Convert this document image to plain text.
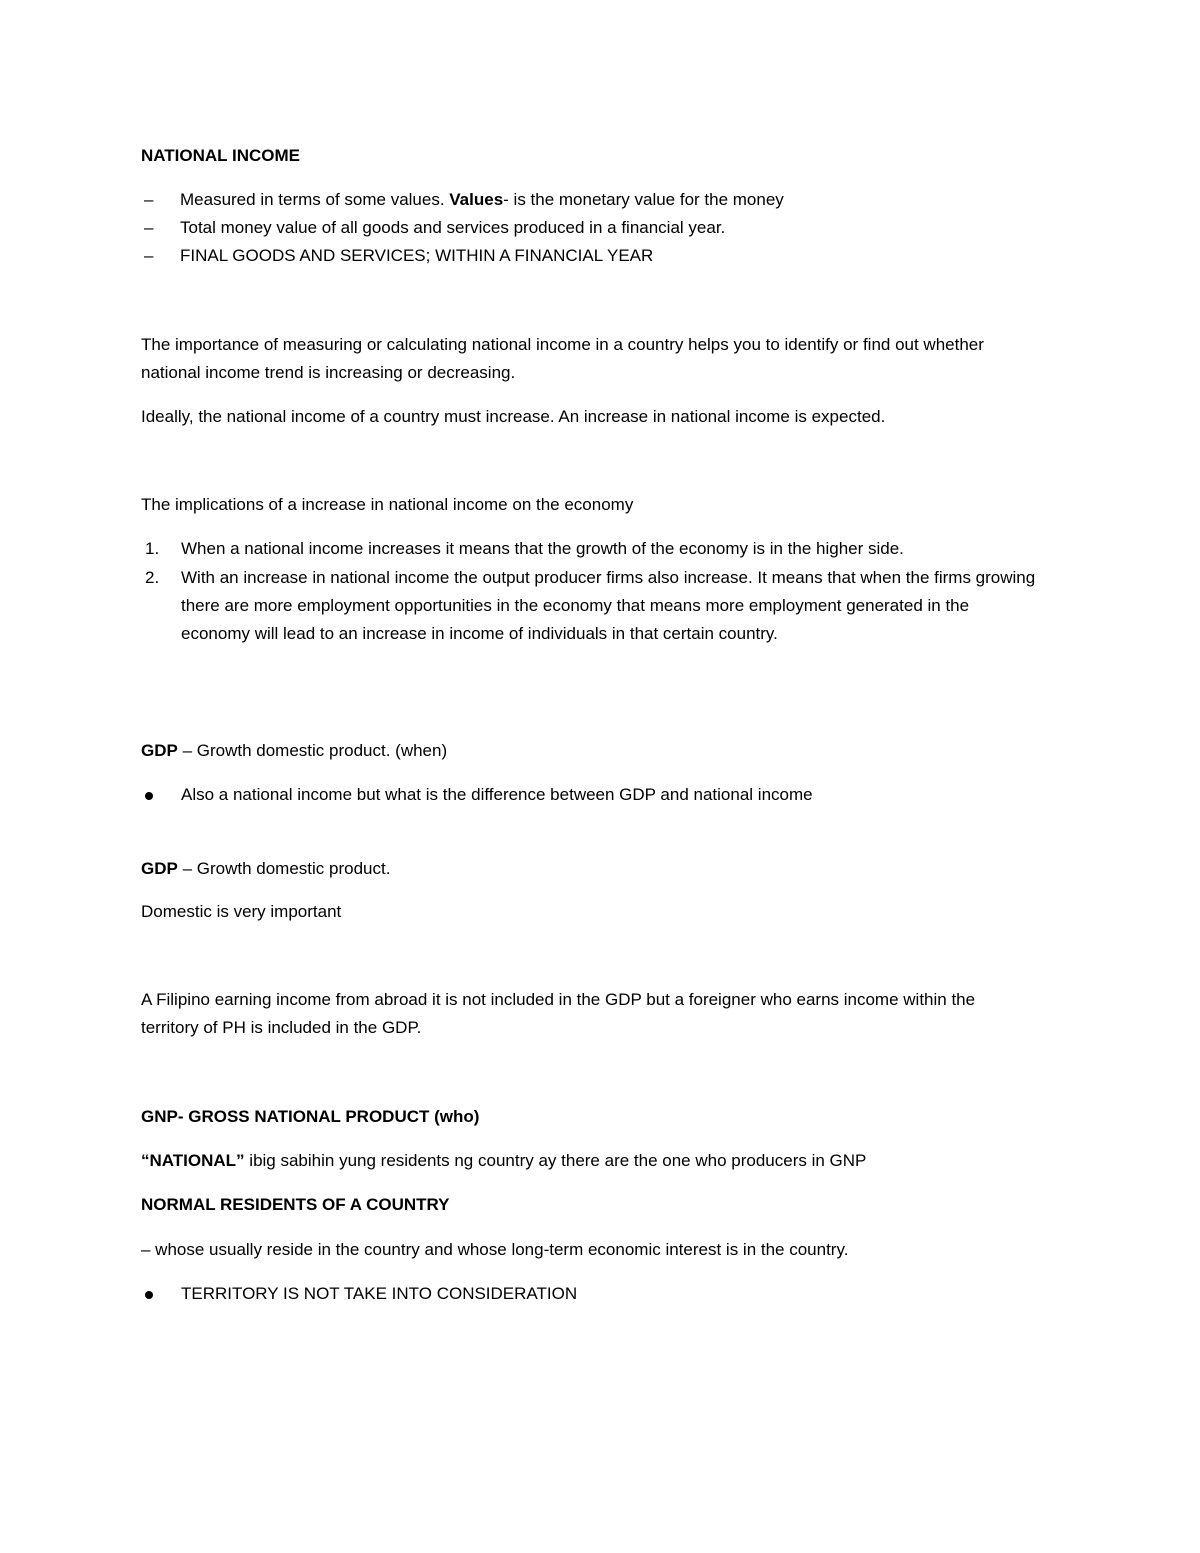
NATIONAL INCOME
– Measured in terms of some values. Values- is the monetary value for the money
– Total money value of all goods and services produced in a financial year.
– FINAL GOODS AND SERVICES; WITHIN A FINANCIAL YEAR

The importance of measuring or calculating national income in a country helps you to identify or find out whether national income trend is increasing or decreasing.

Ideally, the national income of a country must increase. An increase in national income is expected.

The implications of a increase in national income on the economy

1. When a national income increases it means that the growth of the economy is in the higher side.
2. With an increase in national income the output producer firms also increase. It means that when the firms growing there are more employment opportunities in the economy that means more employment generated in the economy will lead to an increase in income of individuals in that certain country.

GDP – Growth domestic product. (when)

Also a national income but what is the difference between GDP and national income

GDP – Growth domestic product.

Domestic is very important

A Filipino earning income from abroad it is not included in the GDP but a foreigner who earns income within the territory of PH is included in the GDP.

GNP- GROSS NATIONAL PRODUCT (who)

“NATIONAL” ibig sabihin yung residents ng country ay there are the one who producers in GNP

NORMAL RESIDENTS OF A COUNTRY

– whose usually reside in the country and whose long-term economic interest is in the country.

TERRITORY IS NOT TAKE INTO CONSIDERATION
